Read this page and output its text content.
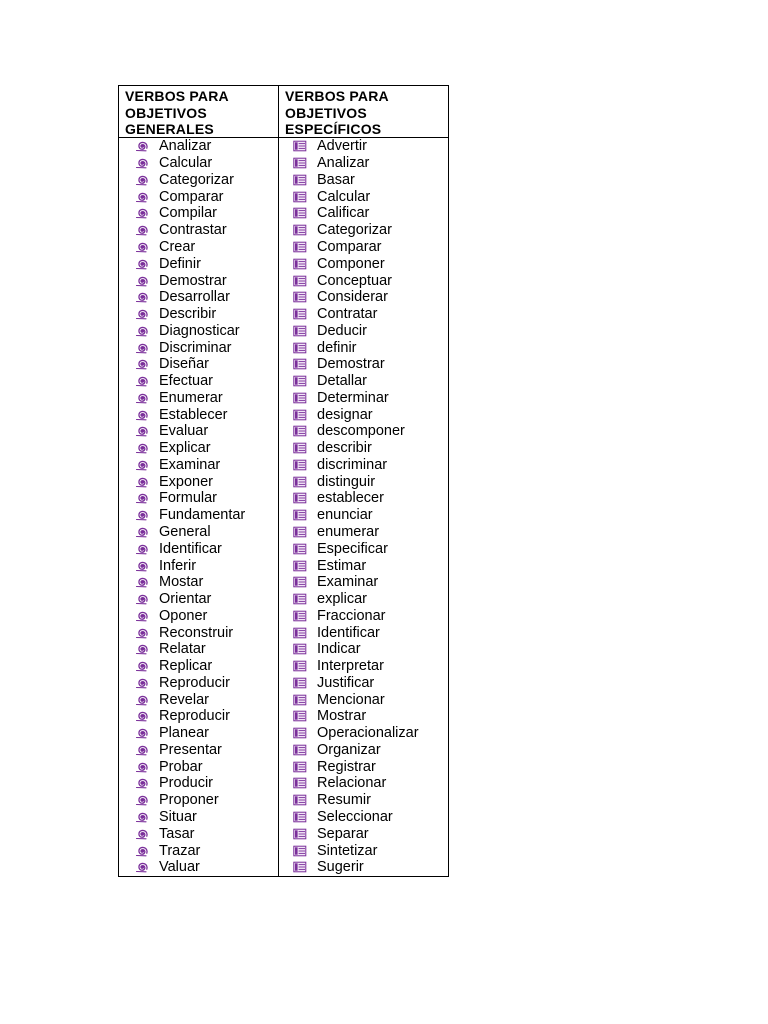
VERBOS PARA
OBJETIVOS
GENERALES
Analizar
Calcular
Categorizar
Comparar
Compilar
Contrastar
Crear
Definir
Demostrar
Desarrollar
Describir
Diagnosticar
Discriminar
Diseñar
Efectuar
Enumerar
Establecer
Evaluar
Explicar
Examinar
Exponer
Formular
Fundamentar
General
Identificar
Inferir
Mostar
Orientar
Oponer
Reconstruir
Relatar
Replicar
Reproducir
Revelar
Reproducir
Planear
Presentar
Probar
Producir
Proponer
Situar
Tasar
Trazar
Valuar
VERBOS PARA
OBJETIVOS
ESPECÍFICOS
Advertir
Analizar
Basar
Calcular
Calificar
Categorizar
Comparar
Componer
Conceptuar
Considerar
Contratar
Deducir
definir
Demostrar
Detallar
Determinar
designar
descomponer
describir
discriminar
distinguir
establecer
enunciar
enumerar
Especificar
Estimar
Examinar
explicar
Fraccionar
Identificar
Indicar
Interpretar
Justificar
Mencionar
Mostrar
Operacionalizar
Organizar
Registrar
Relacionar
Resumir
Seleccionar
Separar
Sintetizar
Sugerir
